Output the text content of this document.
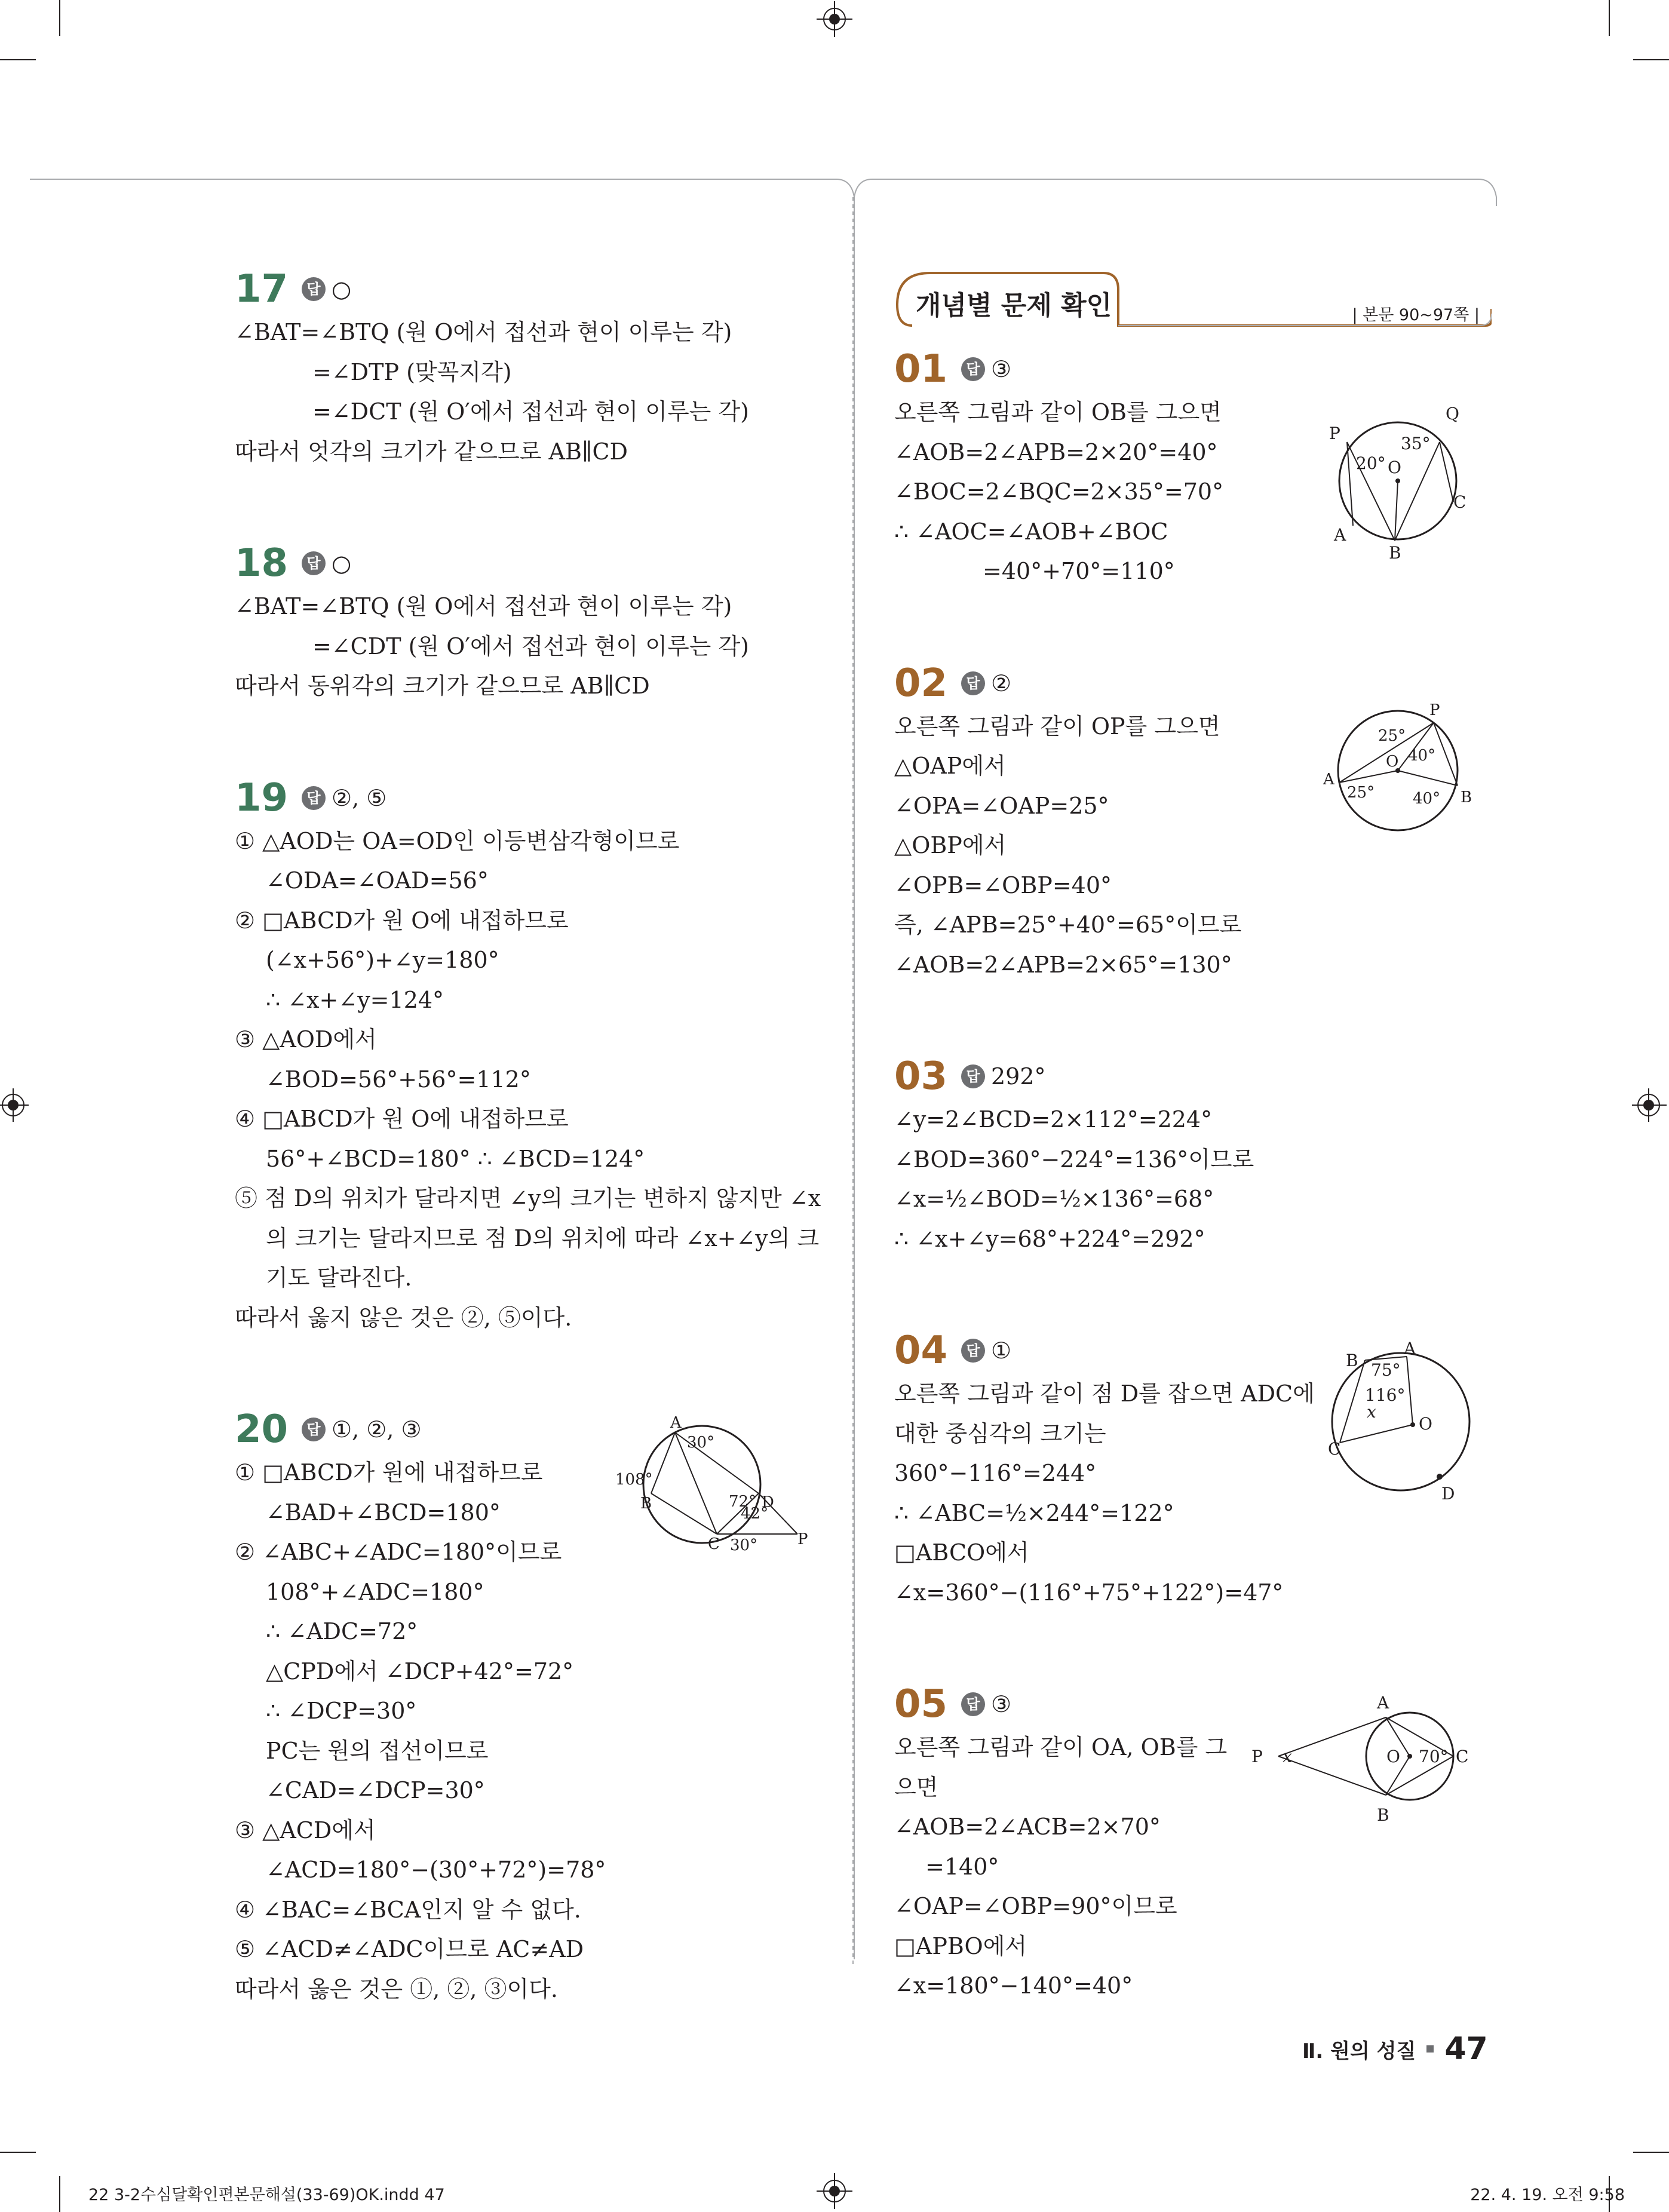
17	답 ○
∠BAT=∠BTQ (원 O에서 접선과 현이 이루는 각)
=∠DTP (맞꼭지각)
=∠DCT (원 O′에서 접선과 현이 이루는 각)
따라서 엇각의 크기가 같으므로 AB∥CD
18	답 ○
∠BAT=∠BTQ (원 O에서 접선과 현이 이루는 각)
=∠CDT (원 O′에서 접선과 현이 이루는 각)
따라서 동위각의 크기가 같으므로 AB∥CD
19	답 ②, ⑤
① △AOD는 OA=OD인 이등변삼각형이므로
∠ODA=∠OAD=56°
② □ABCD가 원 O에 내접하므로
(∠x+56°)+∠y=180°
∴ ∠x+∠y=124°
③ △AOD에서
∠BOD=56°+56°=112°
④ □ABCD가 원 O에 내접하므로
56°+∠BCD=180° ∴ ∠BCD=124°
⑤ 점 D의 위치가 달라지면 ∠y의 크기는 변하지 않지만 ∠x
의 크기는 달라지므로 점 D의 위치에 따라 ∠x+∠y의 크
기도 달라진다.
따라서 옳지 않은 것은 ②, ⑤이다.
20	답 ①, ②, ③
① □ABCD가 원에 내접하므로
∠BAD+∠BCD=180°
② ∠ABC+∠ADC=180°이므로
108°+∠ADC=180°
∴ ∠ADC=72°
△CPD에서 ∠DCP+42°=72°
∴ ∠DCP=30°
PC는 원의 접선이므로
∠CAD=∠DCP=30°
③ △ACD에서
∠ACD=180°−(30°+72°)=78°
④ ∠BAC=∠BCA인지 알 수 없다.
⑤ ∠ACD≠∠ADC이므로 AC≠AD
따라서 옳은 것은 ①, ②, ③이다.
개념별 문제 확인	| 본문 90~97쪽 |
01	답 ③
오른쪽 그림과 같이 OB를 그으면
∠AOB=2∠APB=2×20°=40°
∠BOC=2∠BQC=2×35°=70°
∴ ∠AOC=∠AOB+∠BOC
=40°+70°=110°
02	답 ②
오른쪽 그림과 같이 OP를 그으면
△OAP에서
∠OPA=∠OAP=25°
△OBP에서
∠OPB=∠OBP=40°
즉, ∠APB=25°+40°=65°이므로
∠AOB=2∠APB=2×65°=130°
03	답 292°
∠y=2∠BCD=2×112°=224°
∠BOD=360°−224°=136°이므로
∠x=½∠BOD=½×136°=68°
∴ ∠x+∠y=68°+224°=292°
04	답 ①
오른쪽 그림과 같이 점 D를 잡으면 ADC에
대한 중심각의 크기는
360°−116°=244°
∴ ∠ABC=½×244°=122°
□ABCO에서
∠x=360°−(116°+75°+122°)=47°
05	답 ③
오른쪽 그림과 같이 OA, OB를 그
으면
∠AOB=2∠ACB=2×70°
=140°
∠OAP=∠OBP=90°이므로
□APBO에서
∠x=180°−140°=40°
P
Q
20°
35°
O
A
B
C
P
25°
O 40°
A
25° 40° B
B
A
75°
116°
x
O
C
D
A
P x	O 70° C
B
A
30°
108°
B	72° D
42°
C 30°	P
Ⅱ. 원의 성질 47
22 3-2수심달확인편본문해설(33-69)OK.indd 47	22. 4. 19. 오전 9:58
